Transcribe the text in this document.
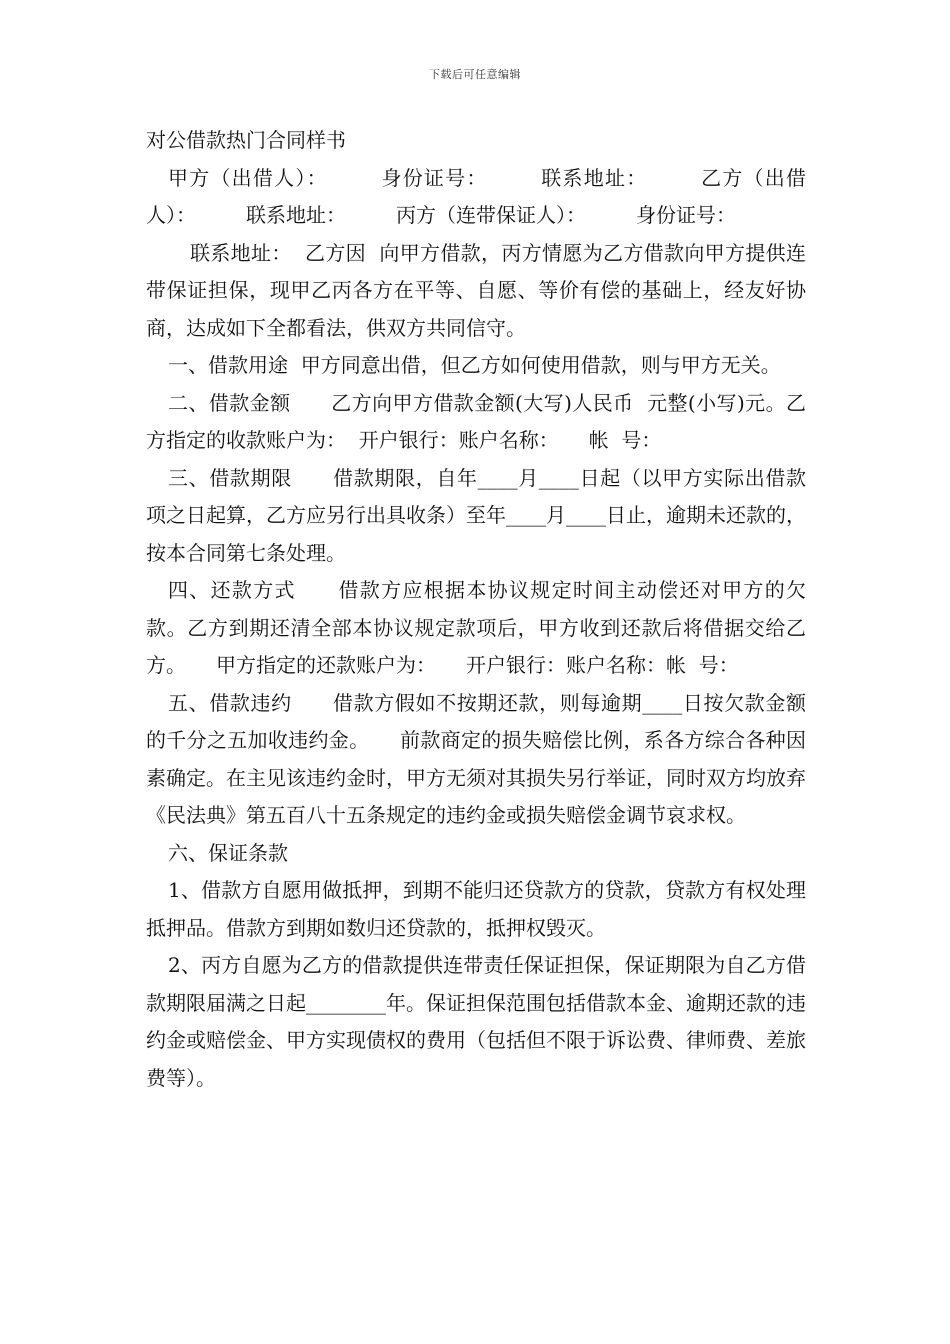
下载后可任意编辑

对公借款热门合同样书

甲方（出借人）：　　　身份证号：　　　联系地址：　　　乙方（出借人）：　　　联系地址：　　　丙方（连带保证人）：　　　身份证号：

联系地址：  乙方因  向甲方借款，丙方情愿为乙方借款向甲方提供连带保证担保，现甲乙丙各方在平等、自愿、等价有偿的基础上，经友好协商，达成如下全都看法，供双方共同信守。

一、借款用途  甲方同意出借，但乙方如何使用借款，则与甲方无关。

二、借款金额　　乙方向甲方借款金额(大写)人民币  元整(小写)元。乙方指定的收款账户为：  开户银行：账户名称：　　帐  号：

三、借款期限　　借款期限，自年____月____日起（以甲方实际出借款项之日起算，乙方应另行出具收条）至年____月____日止，逾期未还款的，按本合同第七条处理。

四、还款方式　　借款方应根据本协议规定时间主动偿还对甲方的欠款。乙方到期还清全部本协议规定款项后，甲方收到还款后将借据交给乙方。　　甲方指定的还款账户为：　　开户银行：账户名称：帐  号：

五、借款违约　　借款方假如不按期还款，则每逾期____日按欠款金额的千分之五加收违约金。　　前款商定的损失赔偿比例，系各方综合各种因素确定。在主见该违约金时，甲方无须对其损失另行举证，同时双方均放弃《民法典》第五百八十五条规定的违约金或损失赔偿金调节哀求权。

六、保证条款

1、借款方自愿用做抵押，到期不能归还贷款方的贷款，贷款方有权处理抵押品。借款方到期如数归还贷款的，抵押权毁灭。

2、丙方自愿为乙方的借款提供连带责任保证担保，保证期限为自乙方借款期限届满之日起________年。保证担保范围包括借款本金、逾期还款的违约金或赔偿金、甲方实现债权的费用（包括但不限于诉讼费、律师费、差旅费等）。
